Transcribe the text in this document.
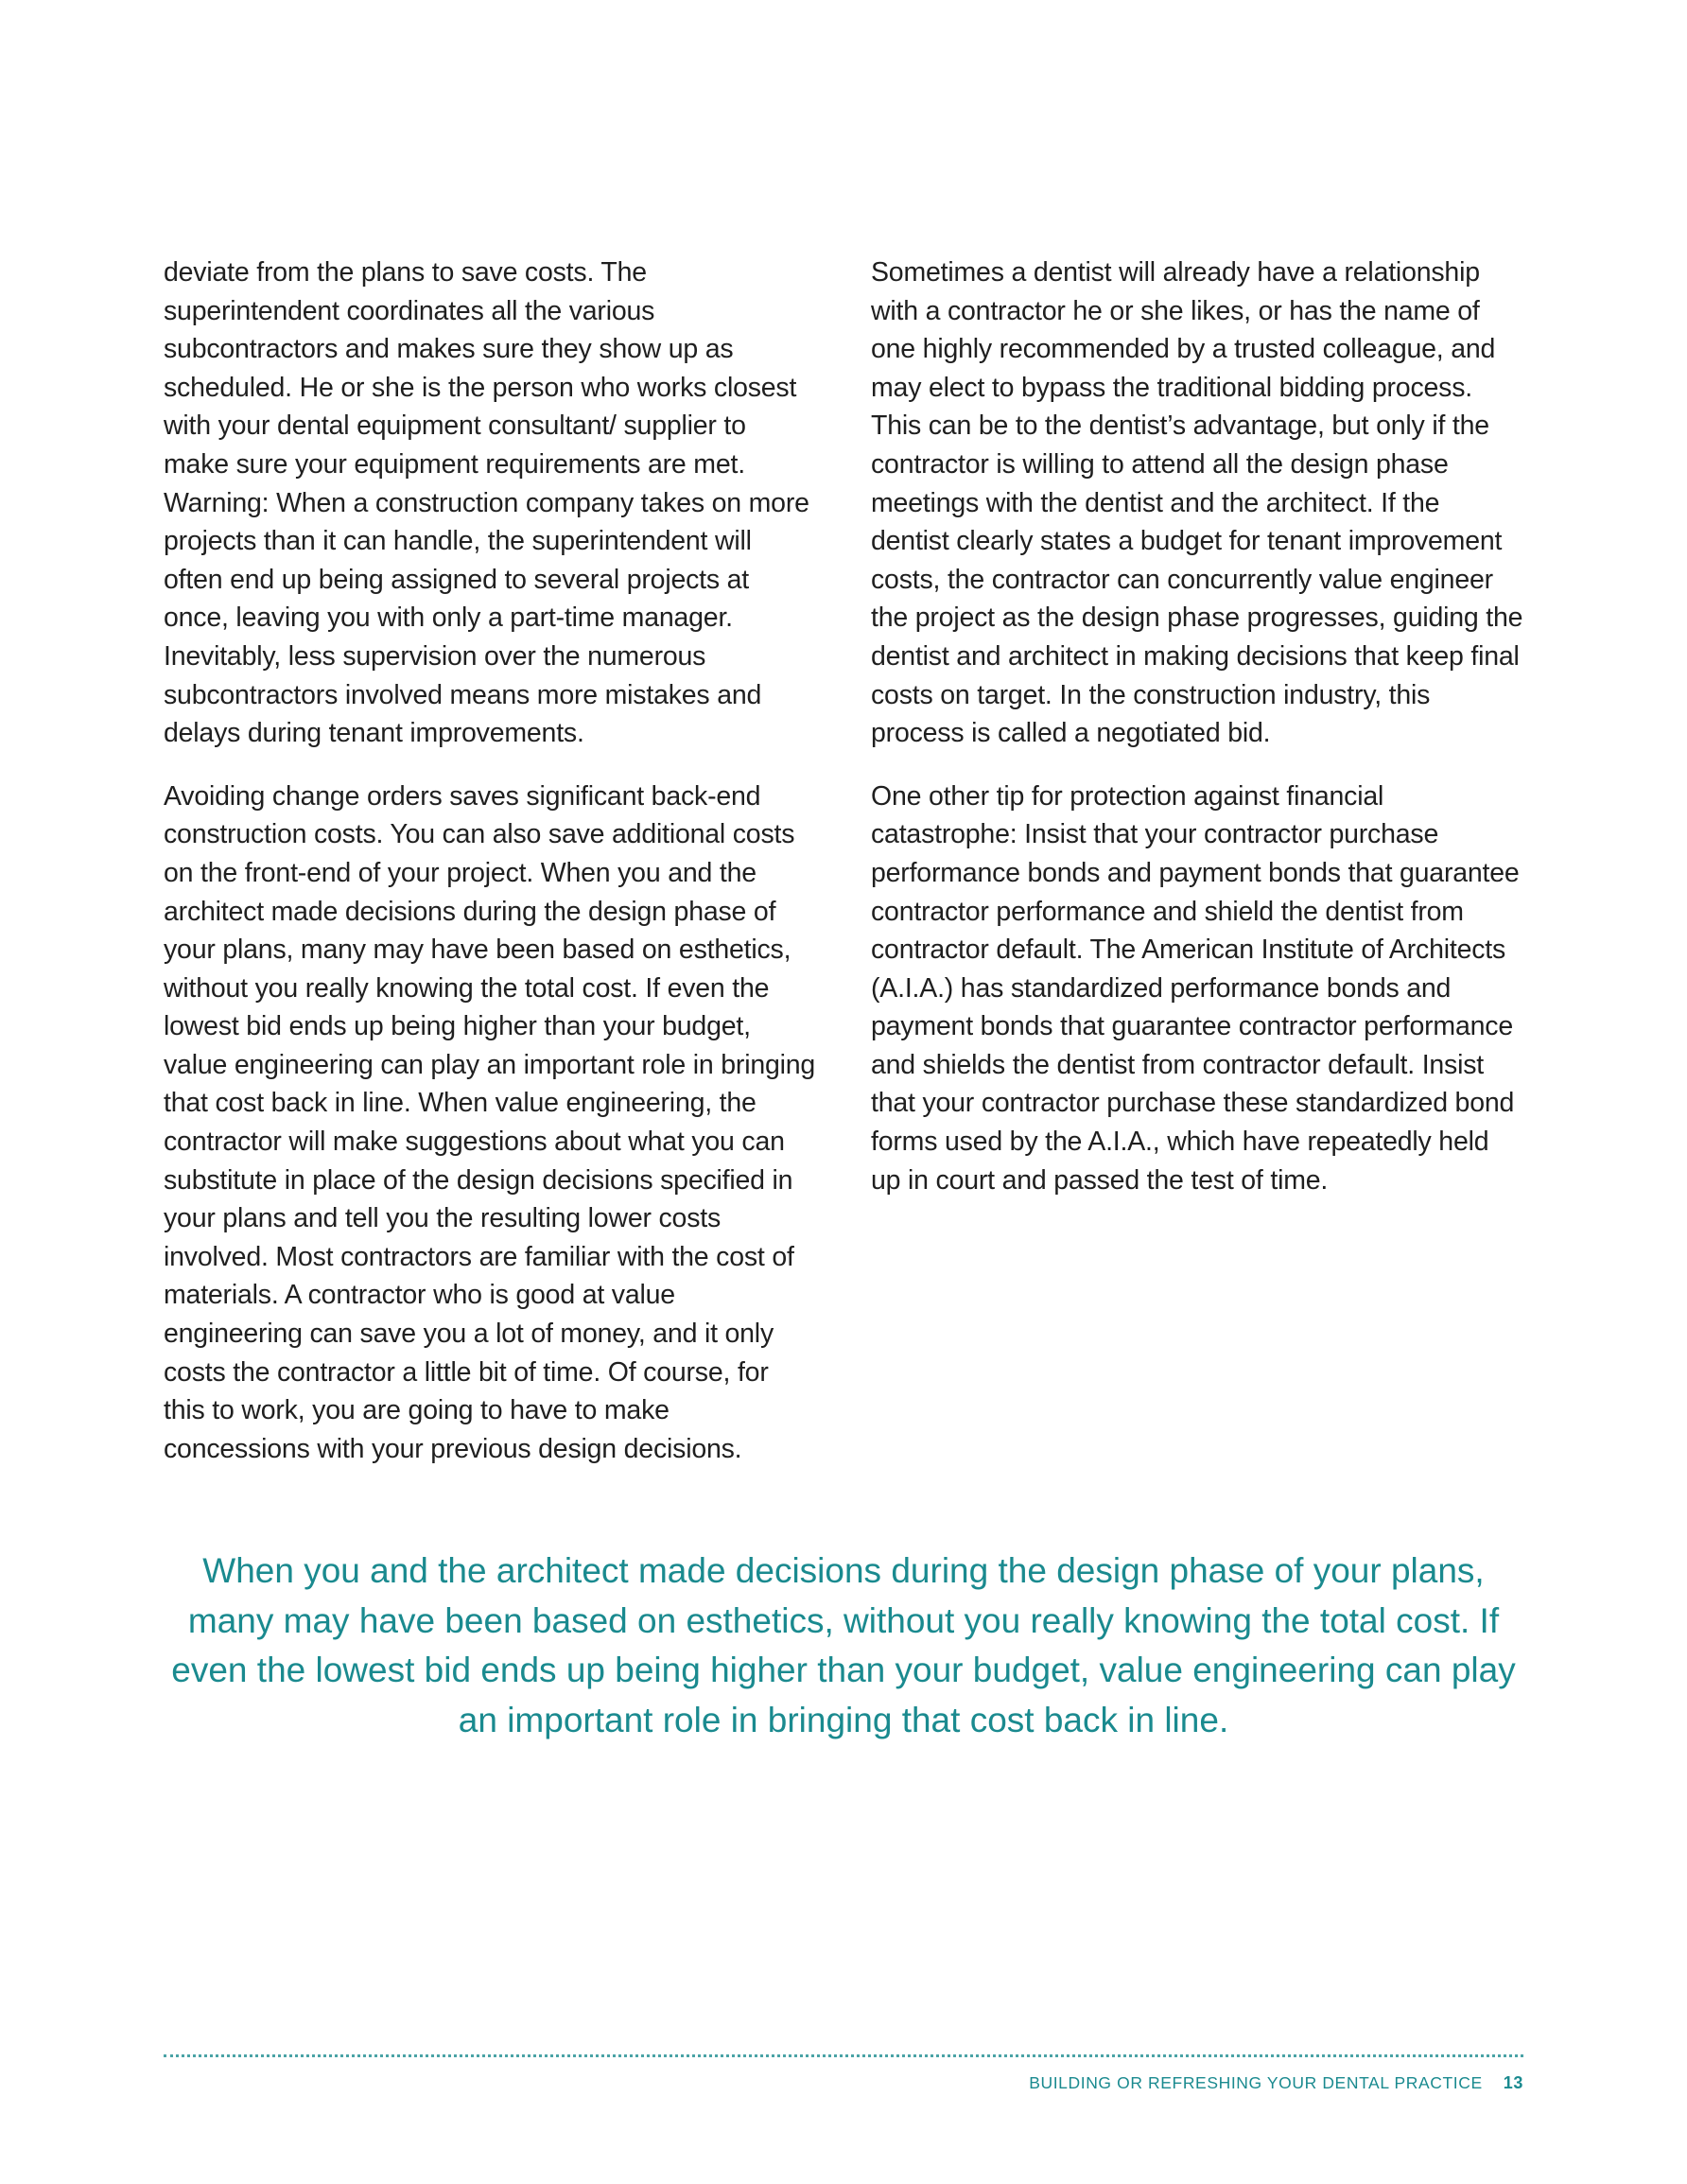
deviate from the plans to save costs. The superintendent coordinates all the various subcontractors and makes sure they show up as scheduled. He or she is the person who works closest with your dental equipment consultant/ supplier to make sure your equipment requirements are met. Warning: When a construction company takes on more projects than it can handle, the superintendent will often end up being assigned to several projects at once, leaving you with only a part-time manager. Inevitably, less supervision over the numerous subcontractors involved means more mistakes and delays during tenant improvements.

Avoiding change orders saves significant back-end construction costs. You can also save additional costs on the front-end of your project. When you and the architect made decisions during the design phase of your plans, many may have been based on esthetics, without you really knowing the total cost. If even the lowest bid ends up being higher than your budget, value engineering can play an important role in bringing that cost back in line. When value engineering, the contractor will make suggestions about what you can substitute in place of the design decisions specified in your plans and tell you the resulting lower costs involved. Most contractors are familiar with the cost of materials. A contractor who is good at value engineering can save you a lot of money, and it only costs the contractor a little bit of time. Of course, for this to work, you are going to have to make concessions with your previous design decisions.

Sometimes a dentist will already have a relationship with a contractor he or she likes, or has the name of one highly recommended by a trusted colleague, and may elect to bypass the traditional bidding process. This can be to the dentist’s advantage, but only if the contractor is willing to attend all the design phase meetings with the dentist and the architect. If the dentist clearly states a budget for tenant improvement costs, the contractor can concurrently value engineer the project as the design phase progresses, guiding the dentist and architect in making decisions that keep final costs on target. In the construction industry, this process is called a negotiated bid.

One other tip for protection against financial catastrophe: Insist that your contractor purchase performance bonds and payment bonds that guarantee contractor performance and shield the dentist from contractor default. The American Institute of Architects (A.I.A.) has standardized performance bonds and payment bonds that guarantee contractor performance and shields the dentist from contractor default. Insist that your contractor purchase these standardized bond forms used by the A.I.A., which have repeatedly held up in court and passed the test of time.

When you and the architect made decisions during the design phase of your plans, many may have been based on esthetics, without you really knowing the total cost. If even the lowest bid ends up being higher than your budget, value engineering can play an important role in bringing that cost back in line.

BUILDING OR REFRESHING YOUR DENTAL PRACTICE 13
